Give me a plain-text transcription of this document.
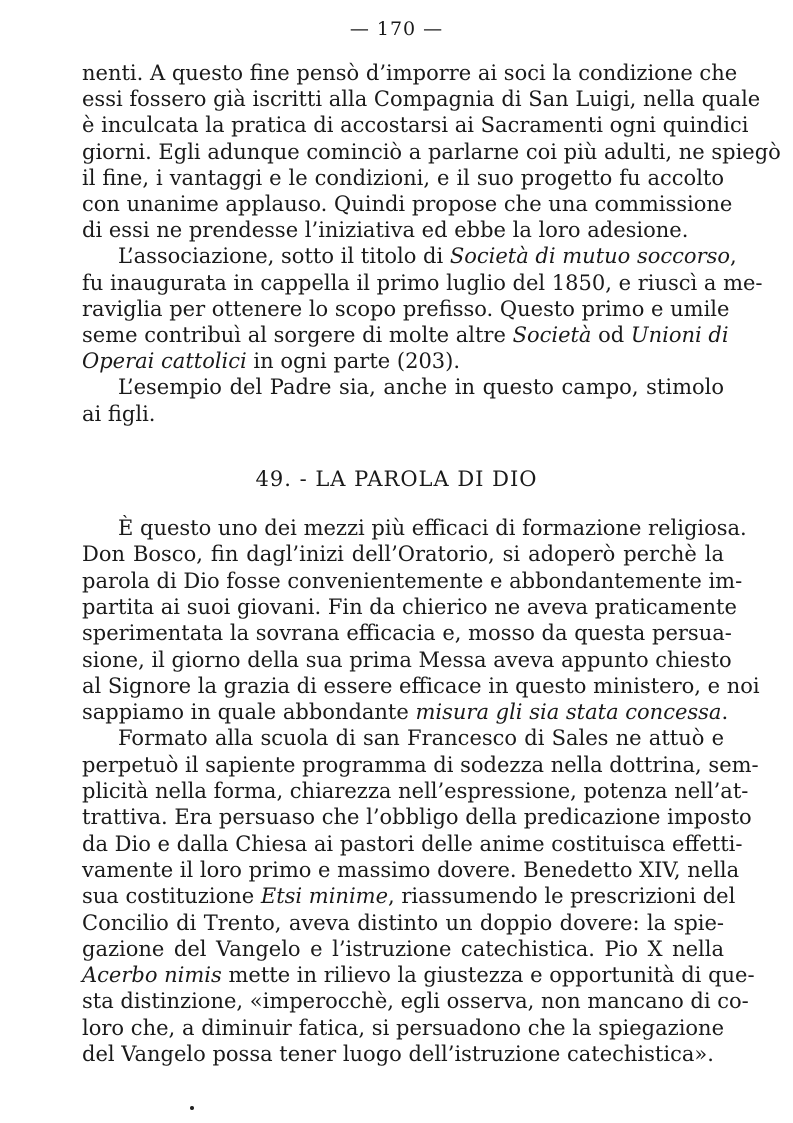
— 170 —
nenti. A questo fine pensò d’imporre ai soci la condizione che
essi fossero già iscritti alla Compagnia di San Luigi, nella quale
è inculcata la pratica di accostarsi ai Sacramenti ogni quindici
giorni. Egli adunque cominciò a parlarne coi più adulti, ne spiegò
il fine, i vantaggi e le condizioni, e il suo progetto fu accolto
con unanime applauso. Quindi propose che una commissione
di essi ne prendesse l’iniziativa ed ebbe la loro adesione.
L’associazione, sotto il titolo di Società di mutuo soccorso,
fu inaugurata in cappella il primo luglio del 1850, e riuscì a me-
raviglia per ottenere lo scopo prefisso. Questo primo e umile
seme contribuì al sorgere di molte altre Società od Unioni di
Operai cattolici in ogni parte (203).
L’esempio del Padre sia, anche in questo campo, stimolo
ai figli.
49. - LA PAROLA DI DIO
È questo uno dei mezzi più efficaci di formazione religiosa.
Don Bosco, fin dagl’inizi dell’Oratorio, si adoperò perchè la
parola di Dio fosse convenientemente e abbondantemente im-
partita ai suoi giovani. Fin da chierico ne aveva praticamente
sperimentata la sovrana efficacia e, mosso da questa persua-
sione, il giorno della sua prima Messa aveva appunto chiesto
al Signore la grazia di essere efficace in questo ministero, e noi
sappiamo in quale abbondante misura gli sia stata concessa.
Formato alla scuola di san Francesco di Sales ne attuò e
perpetuò il sapiente programma di sodezza nella dottrina, sem-
plicità nella forma, chiarezza nell’espressione, potenza nell’at-
trattiva. Era persuaso che l’obbligo della predicazione imposto
da Dio e dalla Chiesa ai pastori delle anime costituisca effetti-
vamente il loro primo e massimo dovere. Benedetto XIV, nella
sua costituzione Etsi minime, riassumendo le prescrizioni del
Concilio di Trento, aveva distinto un doppio dovere: la spie-
gazione del Vangelo e l’istruzione catechistica. Pio X nella
Acerbo nimis mette in rilievo la giustezza e opportunità di que-
sta distinzione, «imperocchè, egli osserva, non mancano di co-
loro che, a diminuir fatica, si persuadono che la spiegazione
del Vangelo possa tener luogo dell’istruzione catechistica».
